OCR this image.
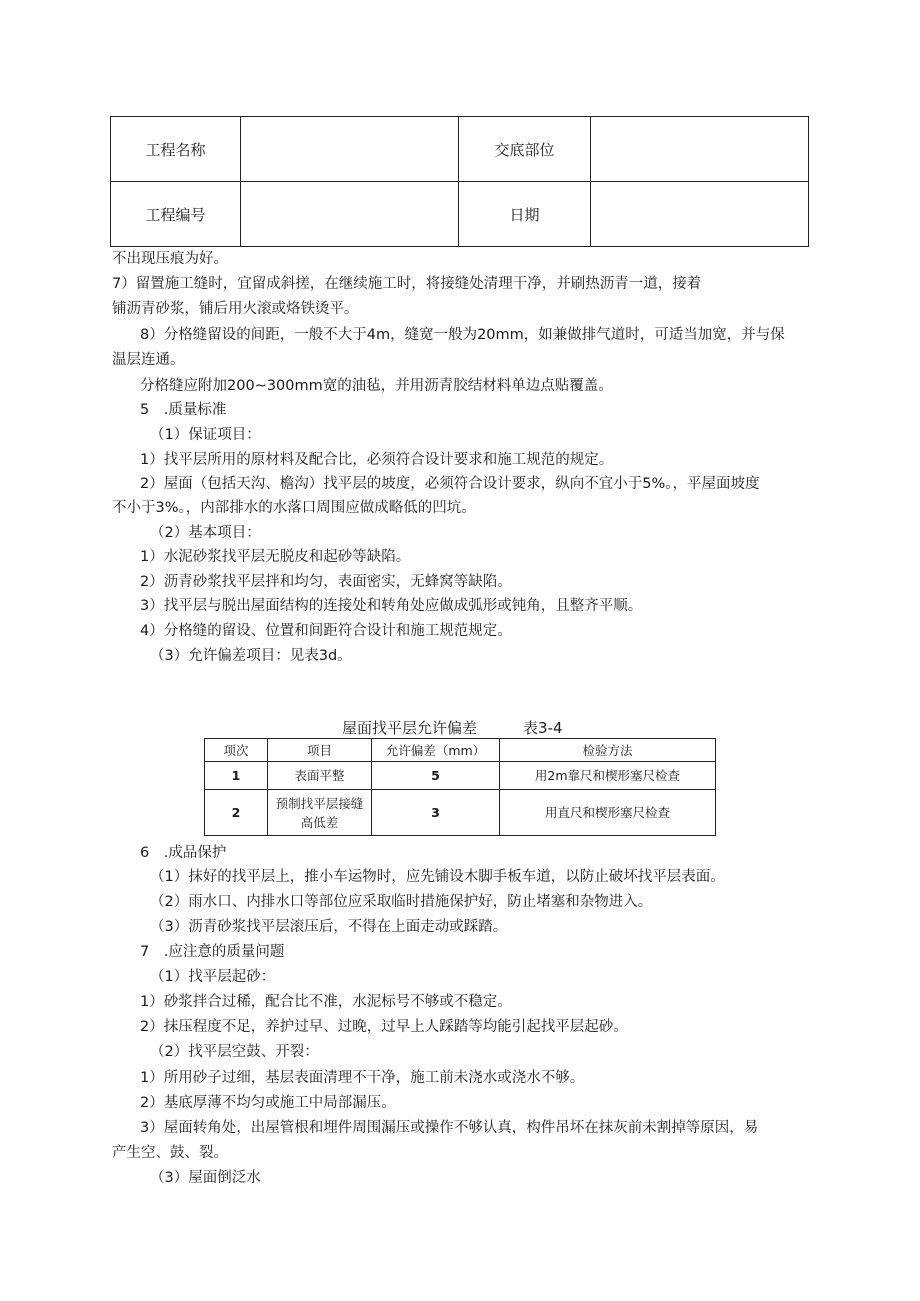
工程名称		交底部位	
工程编号		日期	
不出现压痕为好。
7）留置施工缝时，宜留成斜搓，在继续施工时，将接缝处清理干净，并刷热沥青一道，接着
铺沥青砂浆，铺后用火滚或烙铁烫平。
8）分格缝留设的间距，一般不大于4m，缝宽一般为20mm，如兼做排气道时，可适当加宽，并与保
温层连通。
分格缝应附加200~300mm宽的油毡，并用沥青胶结材料单边点贴覆盖。
5　.质量标准
（1）保证项目：
1）找平层所用的原材料及配合比，必须符合设计要求和施工规范的规定。
2）屋面（包括天沟、檐沟）找平层的坡度，必须符合设计要求，纵向不宜小于5%。，平屋面坡度
不小于3%。，内部排水的水落口周围应做成略低的凹坑。
（2）基本项目：
1）水泥砂浆找平层无脱皮和起砂等缺陷。
2）沥青砂浆找平层拌和均匀，表面密实，无蜂窝等缺陷。
3）找平层与脱出屋面结构的连接处和转角处应做成弧形或钝角，且整齐平顺。
4）分格缝的留设、位置和间距符合设计和施工规范规定。
（3）允许偏差项目：见表3d。
屋面找平层允许偏差	表3-4
项次	项目	允许偏差（mm）	检验方法
1	表面平整	5	用2m靠尺和楔形塞尺检查
2	预制找平层接缝
高低差	3	用直尺和楔形塞尺检查
6　.成品保护
（1）抹好的找平层上，推小车运物时，应先铺设木脚手板车道，以防止破坏找平层表面。
（2）雨水口、内排水口等部位应采取临时措施保护好，防止堵塞和杂物进入。
（3）沥青砂浆找平层滚压后，不得在上面走动或踩踏。
7　.应注意的质量问题
（1）找平层起砂：
1）砂浆拌合过稀，配合比不准，水泥标号不够或不稳定。
2）抹压程度不足，养护过早、过晚，过早上人踩踏等均能引起找平层起砂。
（2）找平层空鼓、开裂：
1）所用砂子过细，基层表面清理不干净，施工前未浇水或浇水不够。
2）基底厚薄不均匀或施工中局部漏压。
3）屋面转角处，出屋管根和埋件周围漏压或操作不够认真，构件吊坏在抹灰前未割掉等原因，易
产生空、鼓、裂。
（3）屋面倒泛水
